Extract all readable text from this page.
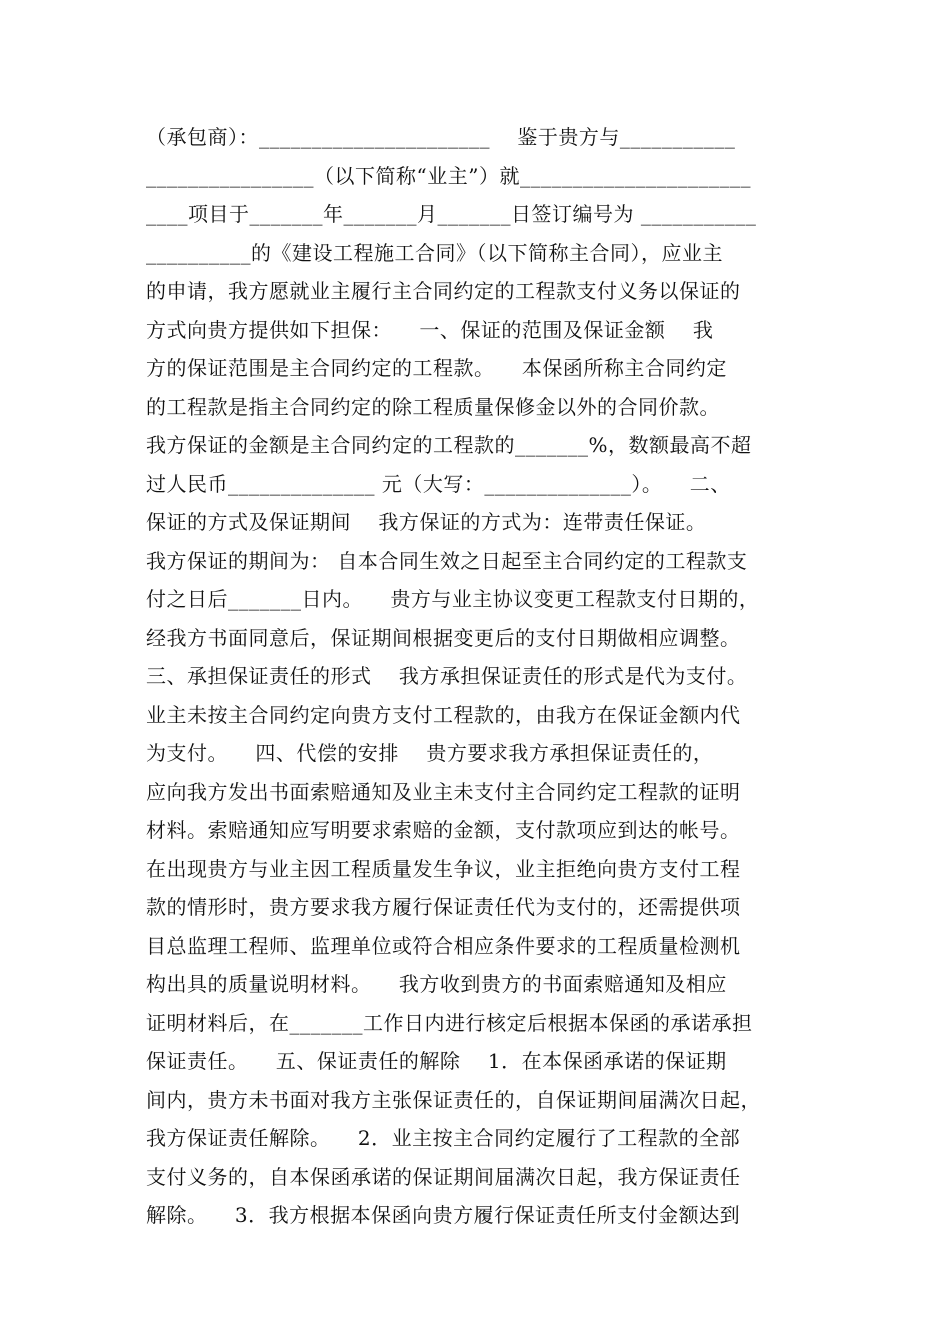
（承包商）：______________________    鉴于贵方与___________
________________（以下简称“业主”）就______________________
____项目于_______年_______月_______日签订编号为 ___________
__________的《建设工程施工合同》（以下简称主合同），应业主
的申请，我方愿就业主履行主合同约定的工程款支付义务以保证的
方式向贵方提供如下担保：    一、保证的范围及保证金额    我
方的保证范围是主合同约定的工程款。    本保函所称主合同约定
的工程款是指主合同约定的除工程质量保修金以外的合同价款。
我方保证的金额是主合同约定的工程款的_______%，数额最高不超
过人民币______________ 元（大写：______________）。    二、
保证的方式及保证期间    我方保证的方式为：连带责任保证。
我方保证的期间为： 自本合同生效之日起至主合同约定的工程款支
付之日后_______日内。    贵方与业主协议变更工程款支付日期的，
经我方书面同意后，保证期间根据变更后的支付日期做相应调整。
三、承担保证责任的形式    我方承担保证责任的形式是代为支付。
业主未按主合同约定向贵方支付工程款的，由我方在保证金额内代
为支付。    四、代偿的安排    贵方要求我方承担保证责任的，
应向我方发出书面索赔通知及业主未支付主合同约定工程款的证明
材料。索赔通知应写明要求索赔的金额，支付款项应到达的帐号。
在出现贵方与业主因工程质量发生争议，业主拒绝向贵方支付工程
款的情形时，贵方要求我方履行保证责任代为支付的，还需提供项
目总监理工程师、监理单位或符合相应条件要求的工程质量检测机
构出具的质量说明材料。    我方收到贵方的书面索赔通知及相应
证明材料后，在_______工作日内进行核定后根据本保函的承诺承担
保证责任。    五、保证责任的解除    1．在本保函承诺的保证期
间内，贵方未书面对我方主张保证责任的，自保证期间届满次日起，
我方保证责任解除。    2．业主按主合同约定履行了工程款的全部
支付义务的，自本保函承诺的保证期间届满次日起，我方保证责任
解除。    3．我方根据本保函向贵方履行保证责任所支付金额达到
